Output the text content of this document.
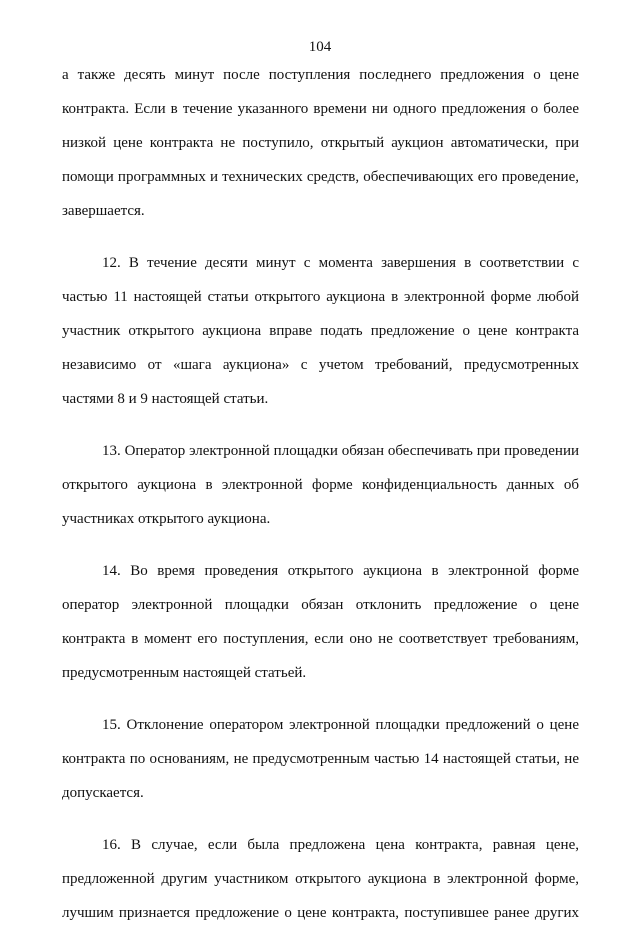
104

а также десять минут после поступления последнего предложения о цене контракта. Если в течение указанного времени ни одного предложения о более низкой цене контракта не поступило, открытый аукцион автоматически, при помощи программных и технических средств, обеспечивающих его проведение, завершается.

12. В течение десяти минут с момента завершения в соответствии с частью 11 настоящей статьи открытого аукциона в электронной форме любой участник открытого аукциона вправе подать предложение о цене контракта независимо от «шага аукциона» с учетом требований, предусмотренных частями 8 и 9 настоящей статьи.

13. Оператор электронной площадки обязан обеспечивать при проведении открытого аукциона в электронной форме конфиденциальность данных об участниках открытого аукциона.

14. Во время проведения открытого аукциона в электронной форме оператор электронной площадки обязан отклонить предложение о цене контракта в момент его поступления, если оно не соответствует требованиям, предусмотренным настоящей статьей.

15. Отклонение оператором электронной площадки предложений о цене контракта по основаниям, не предусмотренным частью 14 настоящей статьи, не допускается.

16. В случае, если была предложена цена контракта, равная цене, предложенной другим участником открытого аукциона в электронной форме, лучшим признается предложение о цене контракта, поступившее ранее других
